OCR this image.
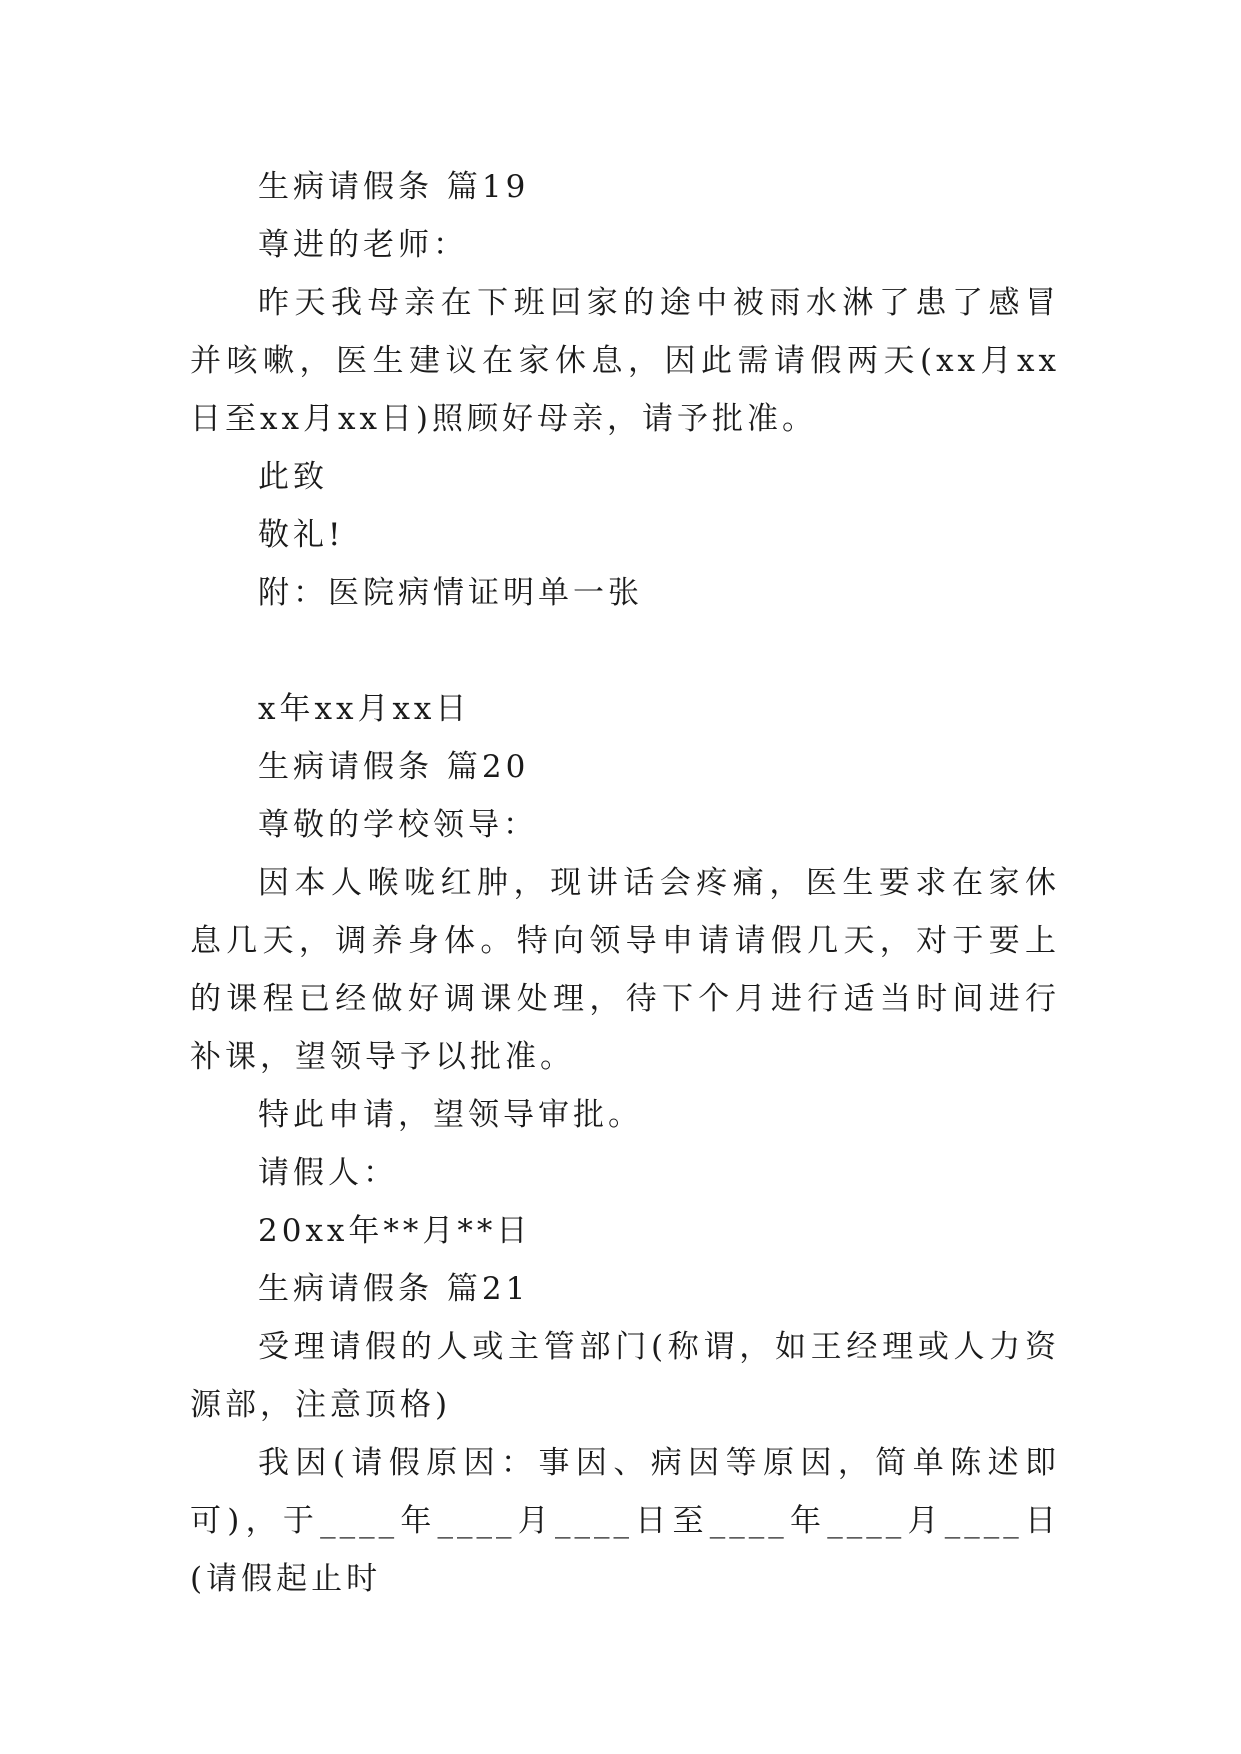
生病请假条 篇19

尊进的老师：

昨天我母亲在下班回家的途中被雨水淋了患了感冒并咳嗽，医生建议在家休息，因此需请假两天(xx月xx日至xx月xx日)照顾好母亲，请予批准。

此致

敬礼!

附：医院病情证明单一张

x年xx月xx日

生病请假条 篇20

尊敬的学校领导：

因本人喉咙红肿，现讲话会疼痛，医生要求在家休息几天，调养身体。特向领导申请请假几天，对于要上的课程已经做好调课处理，待下个月进行适当时间进行补课，望领导予以批准。

特此申请，望领导审批。

请假人：

20xx年**月**日

生病请假条 篇21

受理请假的人或主管部门(称谓，如王经理或人力资源部，注意顶格)

我因(请假原因：事因、病因等原因，简单陈述即可)，于____年____月____日至____年____月____日(请假起止时
